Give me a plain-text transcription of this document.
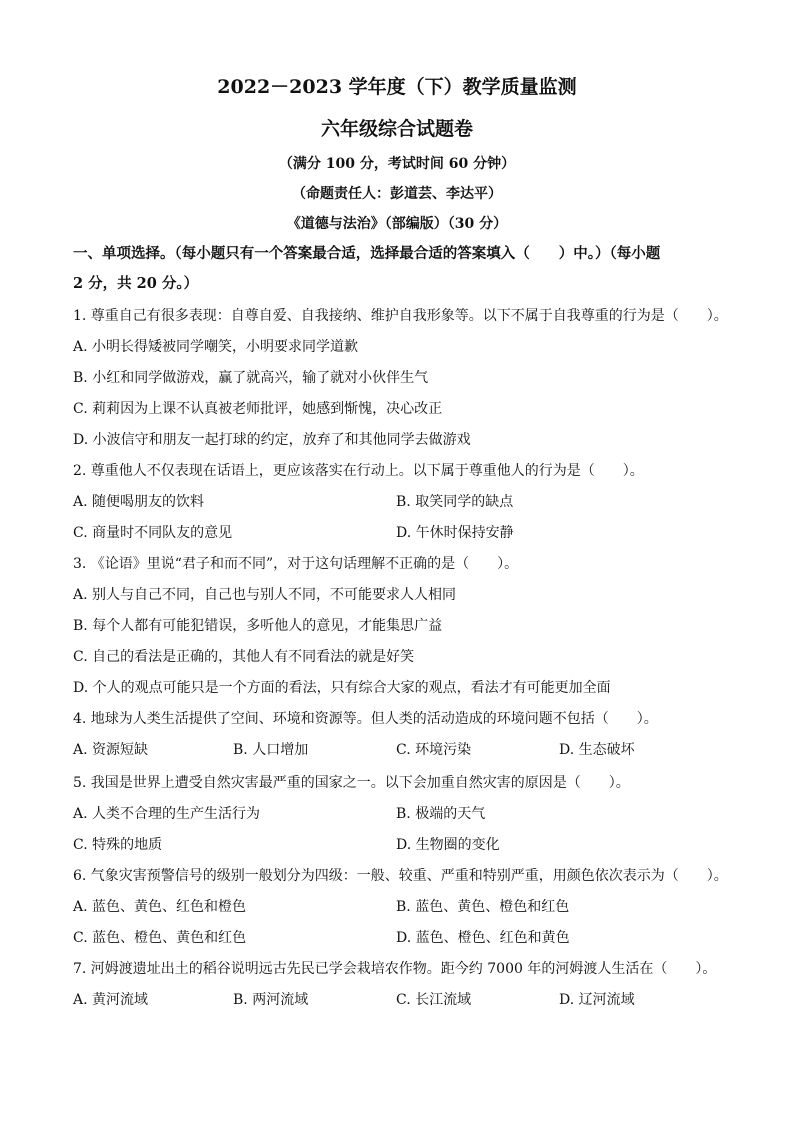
2022－2023 学年度（下）教学质量监测
六年级综合试题卷
（满分 100 分，考试时间 60 分钟）
（命题责任人：彭道芸、李达平）
《道德与法治》（部编版）（30 分）
一、单项选择。（每小题只有一个答案最合适，选择最合适的答案填入（　　）中。）（每小题
2 分，共 20 分。）
1. 尊重自己有很多表现：自尊自爱、自我接纳、维护自我形象等。以下不属于自我尊重的行为是（　　）。
A. 小明长得矮被同学嘲笑，小明要求同学道歉
B. 小红和同学做游戏，赢了就高兴，输了就对小伙伴生气
C. 莉莉因为上课不认真被老师批评，她感到惭愧，决心改正
D. 小波信守和朋友一起打球的约定，放弃了和其他同学去做游戏
2. 尊重他人不仅表现在话语上，更应该落实在行动上。以下属于尊重他人的行为是（　　）。
A. 随便喝朋友的饮料	B. 取笑同学的缺点
C. 商量时不同队友的意见	D. 午休时保持安静
3. 《论语》里说“君子和而不同”，对于这句话理解不正确的是（　　）。
A. 别人与自己不同，自己也与别人不同，不可能要求人人相同
B. 每个人都有可能犯错误，多听他人的意见，才能集思广益
C. 自己的看法是正确的，其他人有不同看法的就是好笑
D. 个人的观点可能只是一个方面的看法，只有综合大家的观点，看法才有可能更加全面
4. 地球为人类生活提供了空间、环境和资源等。但人类的活动造成的环境问题不包括（　　）。
A. 资源短缺	B. 人口增加	C. 环境污染	D. 生态破坏
5. 我国是世界上遭受自然灾害最严重的国家之一。以下会加重自然灾害的原因是（　　）。
A. 人类不合理的生产生活行为	B. 极端的天气
C. 特殊的地质	D. 生物圈的变化
6. 气象灾害预警信号的级别一般划分为四级：一般、较重、严重和特别严重，用颜色依次表示为（　　）。
A. 蓝色、黄色、红色和橙色	B. 蓝色、黄色、橙色和红色
C. 蓝色、橙色、黄色和红色	D. 蓝色、橙色、红色和黄色
7. 河姆渡遗址出土的稻谷说明远古先民已学会栽培农作物。距今约 7000 年的河姆渡人生活在（　　）。
A. 黄河流域	B. 两河流域	C. 长江流域	D. 辽河流域
